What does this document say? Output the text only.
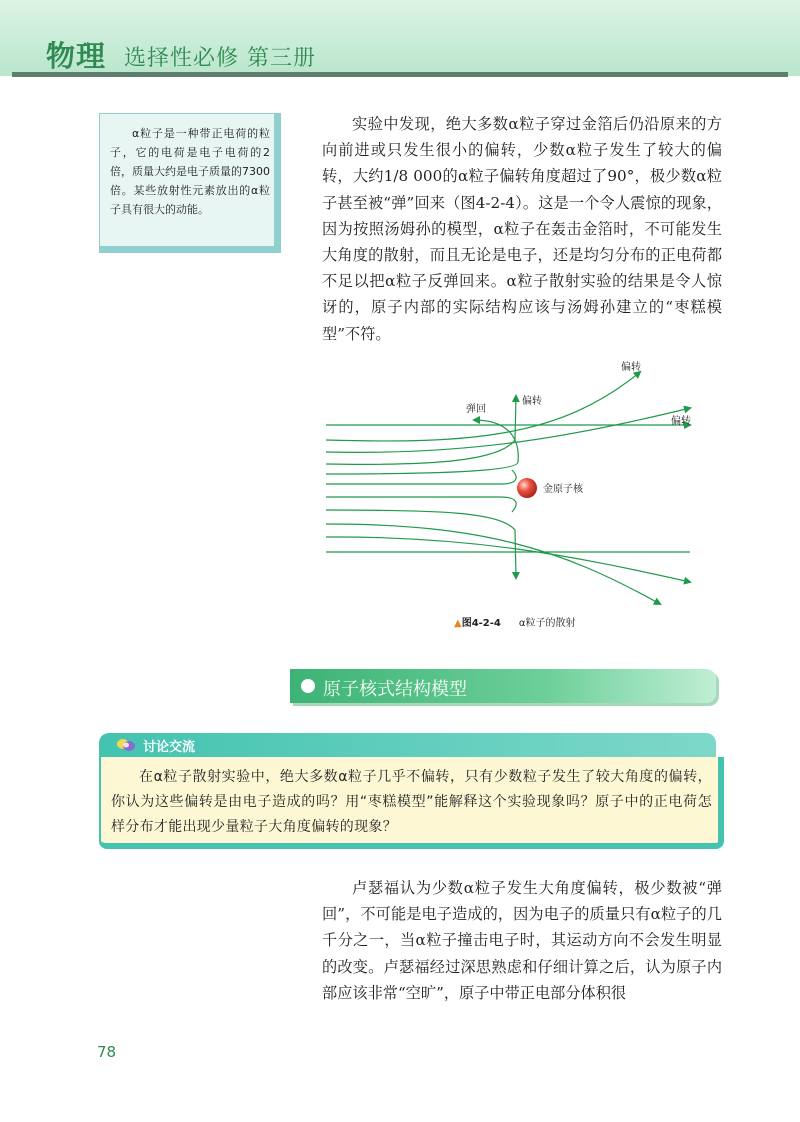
物理 选择性必修 第三册
α粒子是一种带正电荷的粒子，它的电荷是电子电荷的2倍，质量大约是电子质量的7300倍。某些放射性元素放出的α粒子具有很大的动能。
实验中发现，绝大多数α粒子穿过金箔后仍沿原来的方向前进或只发生很小的偏转，少数α粒子发生了较大的偏转，大约1/8 000的α粒子偏转角度超过了90°，极少数α粒子甚至被“弹”回来（图4-2-4）。这是一个令人震惊的现象，因为按照汤姆孙的模型，α粒子在轰击金箔时，不可能发生大角度的散射，而且无论是电子，还是均匀分布的正电荷都不足以把α粒子反弹回来。α粒子散射实验的结果是令人惊讶的，原子内部的实际结构应该与汤姆孙建立的“枣糕模型”不符。
偏转
偏转
偏转
弹回
金原子核
▲图4-2-4 α粒子的散射
原子核式结构模型
讨论交流
在α粒子散射实验中，绝大多数α粒子几乎不偏转，只有少数粒子发生了较大角度的偏转，你认为这些偏转是由电子造成的吗？用“枣糕模型”能解释这个实验现象吗？原子中的正电荷怎样分布才能出现少量粒子大角度偏转的现象？
卢瑟福认为少数α粒子发生大角度偏转，极少数被“弹回”，不可能是电子造成的，因为电子的质量只有α粒子的几千分之一，当α粒子撞击电子时，其运动方向不会发生明显的改变。卢瑟福经过深思熟虑和仔细计算之后，认为原子内部应该非常“空旷”，原子中带正电部分体积很
78
